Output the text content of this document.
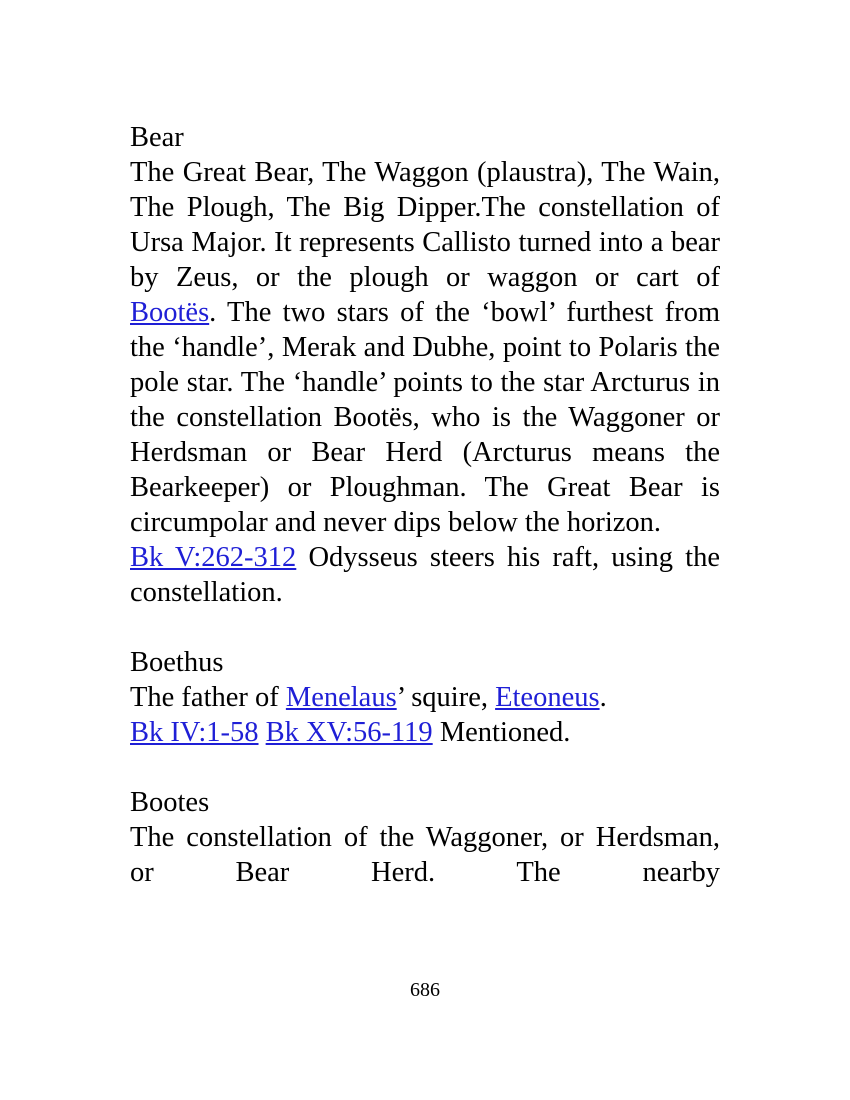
Bear

The Great Bear, The Waggon (plaustra), The Wain, The Plough, The Big Dipper.The constellation of Ursa Major. It represents Callisto turned into a bear by Zeus, or the plough or waggon or cart of Bootës. The two stars of the ‘bowl’ furthest from the ‘handle’, Merak and Dubhe, point to Polaris the pole star. The ‘handle’ points to the star Arcturus in the constellation Bootës, who is the Waggoner or Herdsman or Bear Herd (Arcturus means the Bearkeeper) or Ploughman. The Great Bear is circumpolar and never dips below the horizon.

Bk V:262-312 Odysseus steers his raft, using the constellation.

Boethus

The father of Menelaus’ squire, Eteoneus.

Bk IV:1-58 Bk XV:56-119 Mentioned.

Bootes

The constellation of the Waggoner, or Herdsman, or Bear Herd. The nearby

686
